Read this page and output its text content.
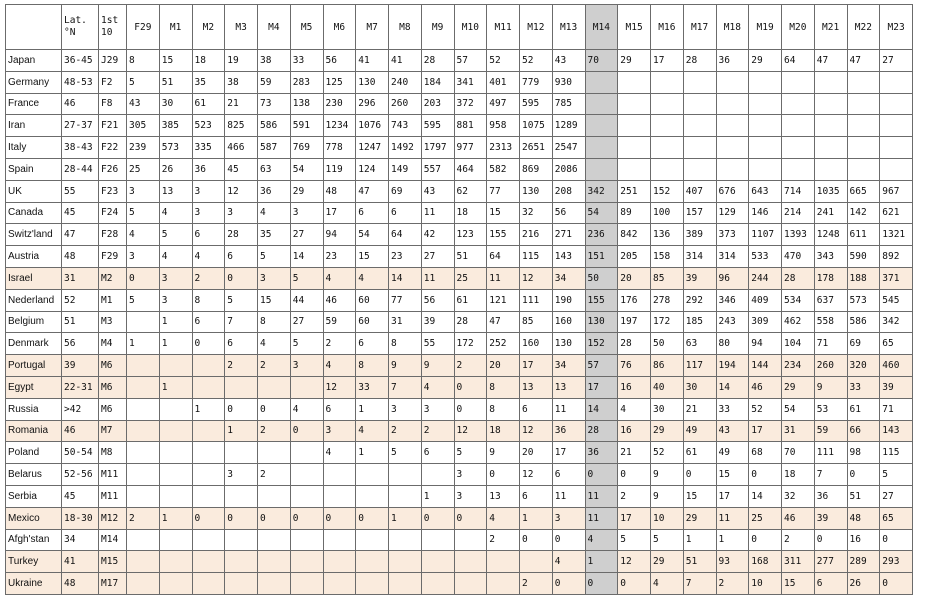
	Lat. °N	1st 10	F29	M1	M2	M3	M4	M5	M6	M7	M8	M9	M10	M11	M12	M13	M14	M15	M16	M17	M18	M19	M20	M21	M22	M23
Japan	36-45	J29	8	15	18	19	38	33	56	41	41	28	57	52	52	43	70	29	17	28	36	29	64	47	47	27
Germany	48-53	F2	5	51	35	38	59	283	125	130	240	184	341	401	779	930										
France	46	F8	43	30	61	21	73	138	230	296	260	203	372	497	595	785										
Iran	27-37	F21	305	385	523	825	586	591	1234	1076	743	595	881	958	1075	1289										
Italy	38-43	F22	239	573	335	466	587	769	778	1247	1492	1797	977	2313	2651	2547										
Spain	28-44	F26	25	26	36	45	63	54	119	124	149	557	464	582	869	2086										
UK	55	F23	3	13	3	12	36	29	48	47	69	43	62	77	130	208	342	251	152	407	676	643	714	1035	665	967
Canada	45	F24	5	4	3	3	4	3	17	6	6	11	18	15	32	56	54	89	100	157	129	146	214	241	142	621
Switz'land	47	F28	4	5	6	28	35	27	94	54	64	42	123	155	216	271	236	842	136	389	373	1107	1393	1248	611	1321
Austria	48	F29	3	4	4	6	5	14	23	15	23	27	51	64	115	143	151	205	158	314	314	533	470	343	590	892
Israel	31	M2	0	3	2	0	3	5	4	4	14	11	25	11	12	34	50	20	85	39	96	244	28	178	188	371
Nederland	52	M1	5	3	8	5	15	44	46	60	77	56	61	121	111	190	155	176	278	292	346	409	534	637	573	545
Belgium	51	M3		1	6	7	8	27	59	60	31	39	28	47	85	160	130	197	172	185	243	309	462	558	586	342
Denmark	56	M4	1	1	0	6	4	5	2	6	8	55	172	252	160	130	152	28	50	63	80	94	104	71	69	65
Portugal	39	M6				2	2	3	4	8	9	9	2	20	17	34	57	76	86	117	194	144	234	260	320	460
Egypt	22-31	M6		1					12	33	7	4	0	8	13	13	17	16	40	30	14	46	29	9	33	39
Russia	>42	M6			1	0	0	4	6	1	3	3	0	8	6	11	14	4	30	21	33	52	54	53	61	71
Romania	46	M7				1	2	0	3	4	2	2	12	18	12	36	28	16	29	49	43	17	31	59	66	143
Poland	50-54	M8							4	1	5	6	5	9	20	17	36	21	52	61	49	68	70	111	98	115
Belarus	52-56	M11				3	2						3	0	12	6	0	0	9	0	15	0	18	7	0	5
Serbia	45	M11										1	3	13	6	11	11	2	9	15	17	14	32	36	51	27
Mexico	18-30	M12	2	1	0	0	0	0	0	0	1	0	0	4	1	3	11	17	10	29	11	25	46	39	48	65
Afgh'stan	34	M14												2	0	0	4	5	5	1	1	0	2	0	16	0
Turkey	41	M15														4	1	12	29	51	93	168	311	277	289	293
Ukraine	48	M17													2	0	0	0	4	7	2	10	15	6	26	0
